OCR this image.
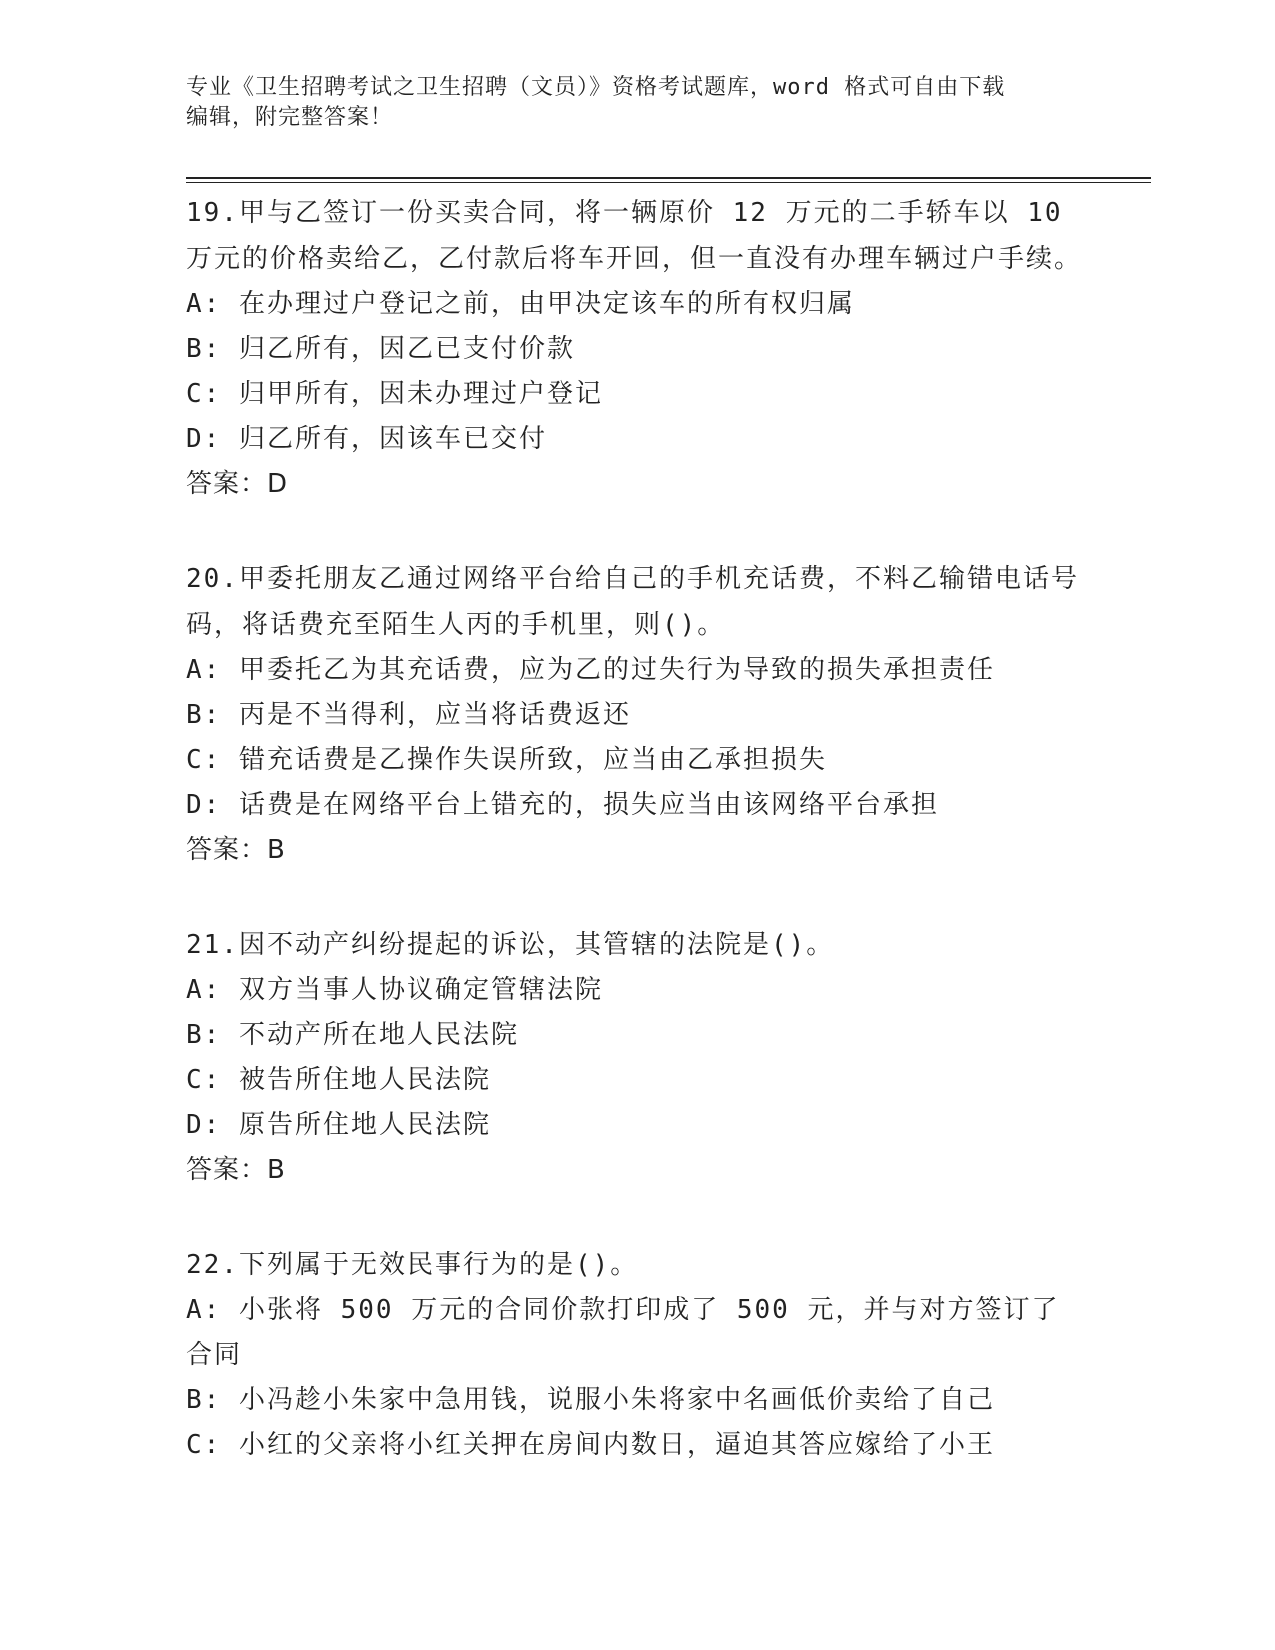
专业《卫生招聘考试之卫生招聘（文员）》资格考试题库，word 格式可自由下载
编辑，附完整答案！
19.甲与乙签订一份买卖合同，将一辆原价 12 万元的二手轿车以 10 万元的价格卖给乙，乙付款后将车开回，但一直没有办理车辆过户手续。
A: 在办理过户登记之前，由甲决定该车的所有权归属
B: 归乙所有，因乙已支付价款
C: 归甲所有，因未办理过户登记
D: 归乙所有，因该车已交付
答案：D
20.甲委托朋友乙通过网络平台给自己的手机充话费，不料乙输错电话号码，将话费充至陌生人丙的手机里，则()。
A: 甲委托乙为其充话费，应为乙的过失行为导致的损失承担责任
B: 丙是不当得利，应当将话费返还
C: 错充话费是乙操作失误所致，应当由乙承担损失
D: 话费是在网络平台上错充的，损失应当由该网络平台承担
答案：B
21.因不动产纠纷提起的诉讼，其管辖的法院是()。
A: 双方当事人协议确定管辖法院
B: 不动产所在地人民法院
C: 被告所住地人民法院
D: 原告所住地人民法院
答案：B
22.下列属于无效民事行为的是()。
A: 小张将 500 万元的合同价款打印成了 500 元，并与对方签订了合同
B: 小冯趁小朱家中急用钱，说服小朱将家中名画低价卖给了自己
C: 小红的父亲将小红关押在房间内数日，逼迫其答应嫁给了小王
